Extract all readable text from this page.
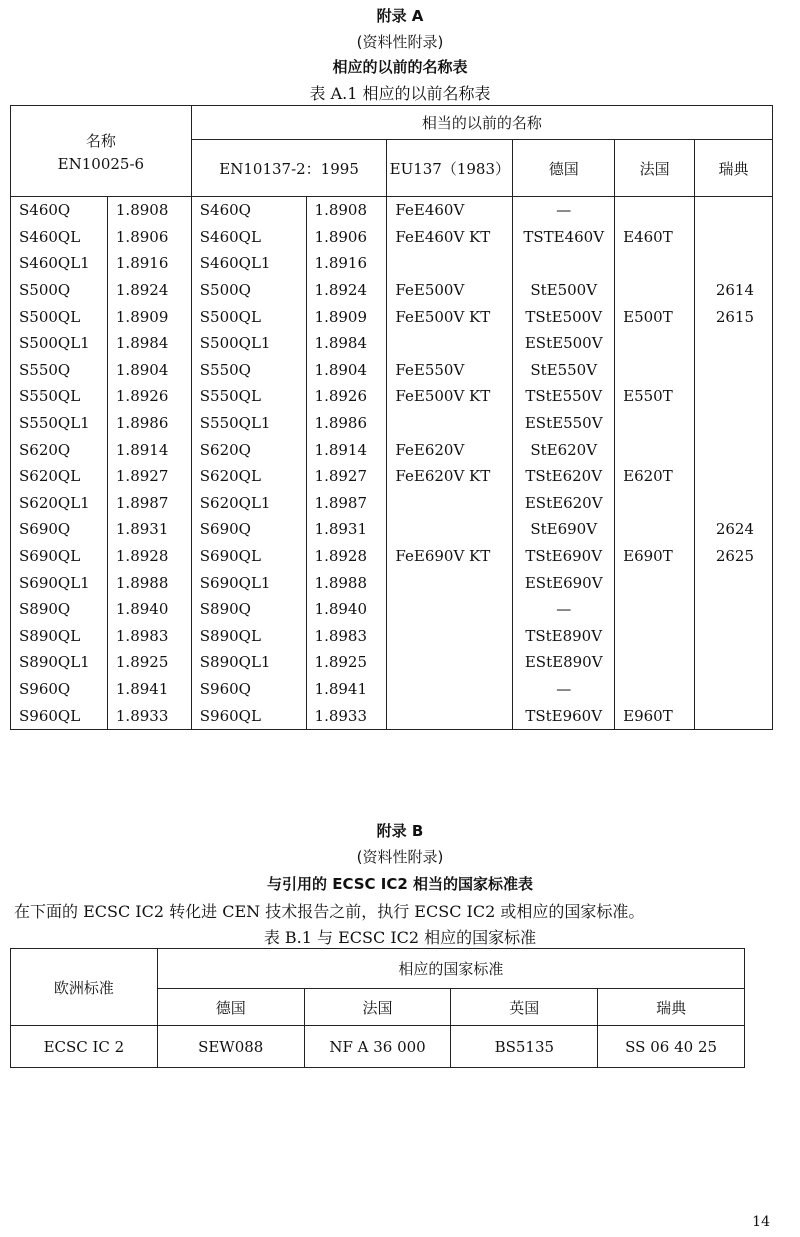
附录 A
(资料性附录)
相应的以前的名称表
表 A.1 相应的以前名称表
名称
EN10025-6		相当的以前的名称					
		EN10137-2：1995		EU137（1983）	德国	法国	瑞典
S460Q	1.8908	S460Q	1.8908	FeE460V	—		
S460QL	1.8906	S460QL	1.8906	FeE460V KT	TSTE460V	E460T	
S460QL1	1.8916	S460QL1	1.8916				
S500Q	1.8924	S500Q	1.8924	FeE500V	StE500V		2614
S500QL	1.8909	S500QL	1.8909	FeE500V KT	TStE500V	E500T	2615
S500QL1	1.8984	S500QL1	1.8984		EStE500V		
S550Q	1.8904	S550Q	1.8904	FeE550V	StE550V		
S550QL	1.8926	S550QL	1.8926	FeE500V KT	TStE550V	E550T	
S550QL1	1.8986	S550QL1	1.8986		EStE550V		
S620Q	1.8914	S620Q	1.8914	FeE620V	StE620V		
S620QL	1.8927	S620QL	1.8927	FeE620V KT	TStE620V	E620T	
S620QL1	1.8987	S620QL1	1.8987		EStE620V		
S690Q	1.8931	S690Q	1.8931		StE690V		2624
S690QL	1.8928	S690QL	1.8928	FeE690V KT	TStE690V	E690T	2625
S690QL1	1.8988	S690QL1	1.8988		EStE690V		
S890Q	1.8940	S890Q	1.8940		—		
S890QL	1.8983	S890QL	1.8983		TStE890V		
S890QL1	1.8925	S890QL1	1.8925		EStE890V		
S960Q	1.8941	S960Q	1.8941		—		
S960QL	1.8933	S960QL	1.8933		TStE960V	E960T	
附录 B
(资料性附录)
与引用的 ECSC IC2 相当的国家标准表
在下面的 ECSC IC2 转化进 CEN 技术报告之前，执行 ECSC IC2 或相应的国家标准。
表 B.1 与 ECSC IC2 相应的国家标准
欧洲标准	相应的国家标准			
	德国	法国	英国	瑞典
ECSC IC 2	SEW088	NF A 36 000	BS5135	SS 06 40 25
14
